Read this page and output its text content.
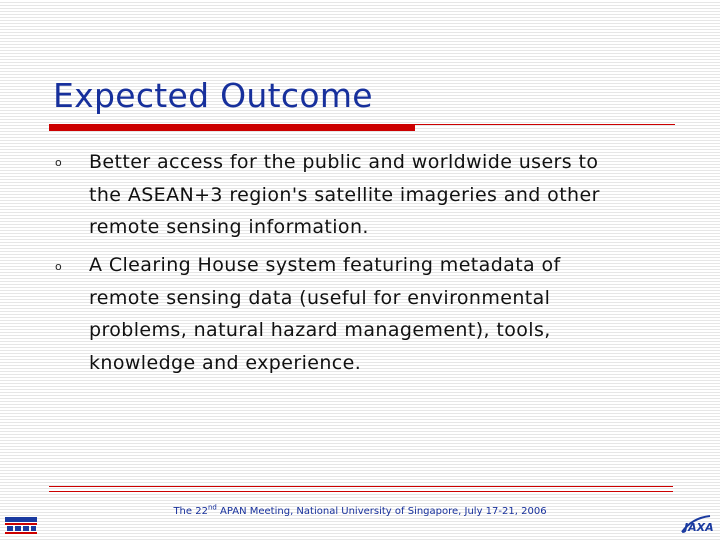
Expected Outcome
o Better access for the public and worldwide users to
the ASEAN+3 region's satellite imageries and other
remote sensing information.
o A Clearing House system featuring metadata of
remote sensing data (useful for environmental
problems, natural hazard management), tools,
knowledge and experience.
The 22nd APAN Meeting, National University of Singapore, July 17-21, 2006
JAXA
